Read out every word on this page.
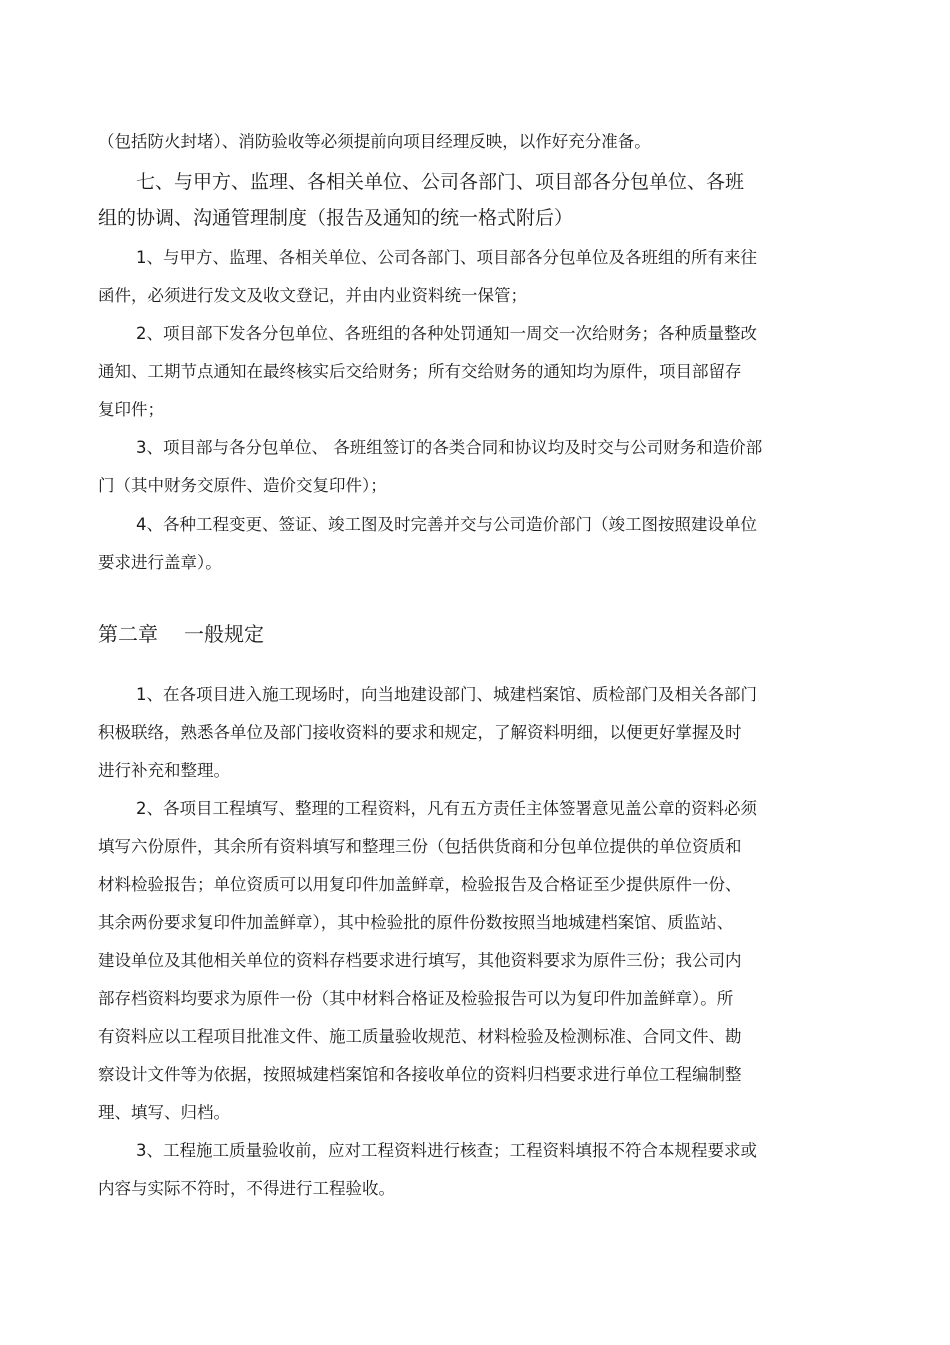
（包括防火封堵）、消防验收等必须提前向项目经理反映，以作好充分准备。
七、与甲方、监理、各相关单位、公司各部门、项目部各分包单位、各班
组的协调、沟通管理制度（报告及通知的统一格式附后）
1、与甲方、监理、各相关单位、公司各部门、项目部各分包单位及各班组的所有来往
函件，必须进行发文及收文登记，并由内业资料统一保管；
2、项目部下发各分包单位、各班组的各种处罚通知一周交一次给财务；各种质量整改
通知、工期节点通知在最终核实后交给财务；所有交给财务的通知均为原件，项目部留存
复印件；
3、项目部与各分包单位、 各班组签订的各类合同和协议均及时交与公司财务和造价部
门（其中财务交原件、造价交复印件）；
4、各种工程变更、签证、竣工图及时完善并交与公司造价部门（竣工图按照建设单位
要求进行盖章）。
第二章 一般规定
1、在各项目进入施工现场时，向当地建设部门、城建档案馆、质检部门及相关各部门
积极联络，熟悉各单位及部门接收资料的要求和规定，了解资料明细，以便更好掌握及时
进行补充和整理。
2、各项目工程填写、整理的工程资料，凡有五方责任主体签署意见盖公章的资料必须
填写六份原件，其余所有资料填写和整理三份（包括供货商和分包单位提供的单位资质和
材料检验报告；单位资质可以用复印件加盖鲜章，检验报告及合格证至少提供原件一份、
其余两份要求复印件加盖鲜章），其中检验批的原件份数按照当地城建档案馆、质监站、
建设单位及其他相关单位的资料存档要求进行填写，其他资料要求为原件三份；我公司内
部存档资料均要求为原件一份（其中材料合格证及检验报告可以为复印件加盖鲜章）。所
有资料应以工程项目批准文件、施工质量验收规范、材料检验及检测标准、合同文件、勘
察设计文件等为依据，按照城建档案馆和各接收单位的资料归档要求进行单位工程编制整
理、填写、归档。
3、工程施工质量验收前，应对工程资料进行核查；工程资料填报不符合本规程要求或
内容与实际不符时，不得进行工程验收。
